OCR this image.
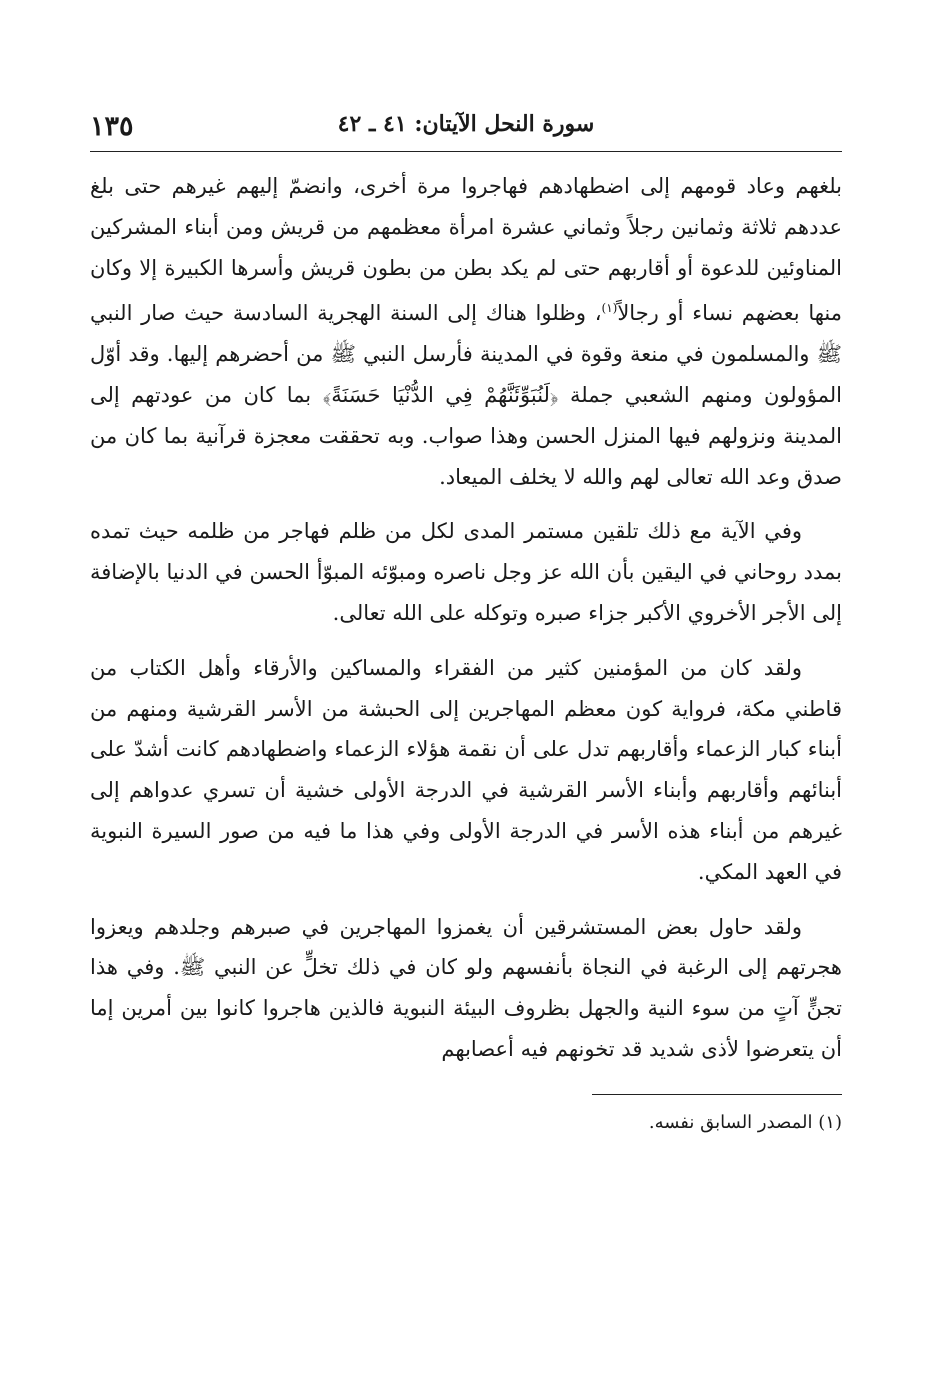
١٣٥	سورة النحل الآيتان: ٤١ ـ ٤٢

بلغهم وعاد قومهم إلى اضطهادهم فهاجروا مرة أخرى، وانضمّ إليهم غيرهم حتى بلغ عددهم ثلاثة وثمانين رجلاً وثماني عشرة امرأة معظمهم من قريش ومن أبناء المشركين المناوئين للدعوة أو أقاربهم حتى لم يكد بطن من بطون قريش وأسرها الكبيرة إلا وكان منها بعضهم نساء أو رجالاً$^{(١)}$، وظلوا هناك إلى السنة الهجرية السادسة حيث صار النبي ﷺ والمسلمون في منعة وقوة في المدينة فأرسل النبي ﷺ من أحضرهم إليها. وقد أوّل المؤولون ومنهم الشعبي جملة ﴿لَنُبَوِّئَنَّهُمْ فِي الدُّنْيَا حَسَنَةً﴾ بما كان من عودتهم إلى المدينة ونزولهم فيها المنزل الحسن وهذا صواب. وبه تحققت معجزة قرآنية بما كان من صدق وعد الله تعالى لهم والله لا يخلف الميعاد.

وفي الآية مع ذلك تلقين مستمر المدى لكل من ظلم فهاجر من ظلمه حيث تمده بمدد روحاني في اليقين بأن الله عز وجل ناصره ومبوّئه المبوّأ الحسن في الدنيا بالإضافة إلى الأجر الأخروي الأكبر جزاء صبره وتوكله على الله تعالى.

ولقد كان من المؤمنين كثير من الفقراء والمساكين والأرقاء وأهل الكتاب من قاطني مكة، فرواية كون معظم المهاجرين إلى الحبشة من الأسر القرشية ومنهم من أبناء كبار الزعماء وأقاربهم تدل على أن نقمة هؤلاء الزعماء واضطهادهم كانت أشدّ على أبنائهم وأقاربهم وأبناء الأسر القرشية في الدرجة الأولى خشية أن تسري عدواهم إلى غيرهم من أبناء هذه الأسر في الدرجة الأولى وفي هذا ما فيه من صور السيرة النبوية في العهد المكي.

ولقد حاول بعض المستشرقين أن يغمزوا المهاجرين في صبرهم وجلدهم ويعزوا هجرتهم إلى الرغبة في النجاة بأنفسهم ولو كان في ذلك تخلٍّ عن النبي ﷺ. وفي هذا تجنٍّ آتٍ من سوء النية والجهل بظروف البيئة النبوية فالذين هاجروا كانوا بين أمرين إما أن يتعرضوا لأذى شديد قد تخونهم فيه أعصابهم

(١) المصدر السابق نفسه.
